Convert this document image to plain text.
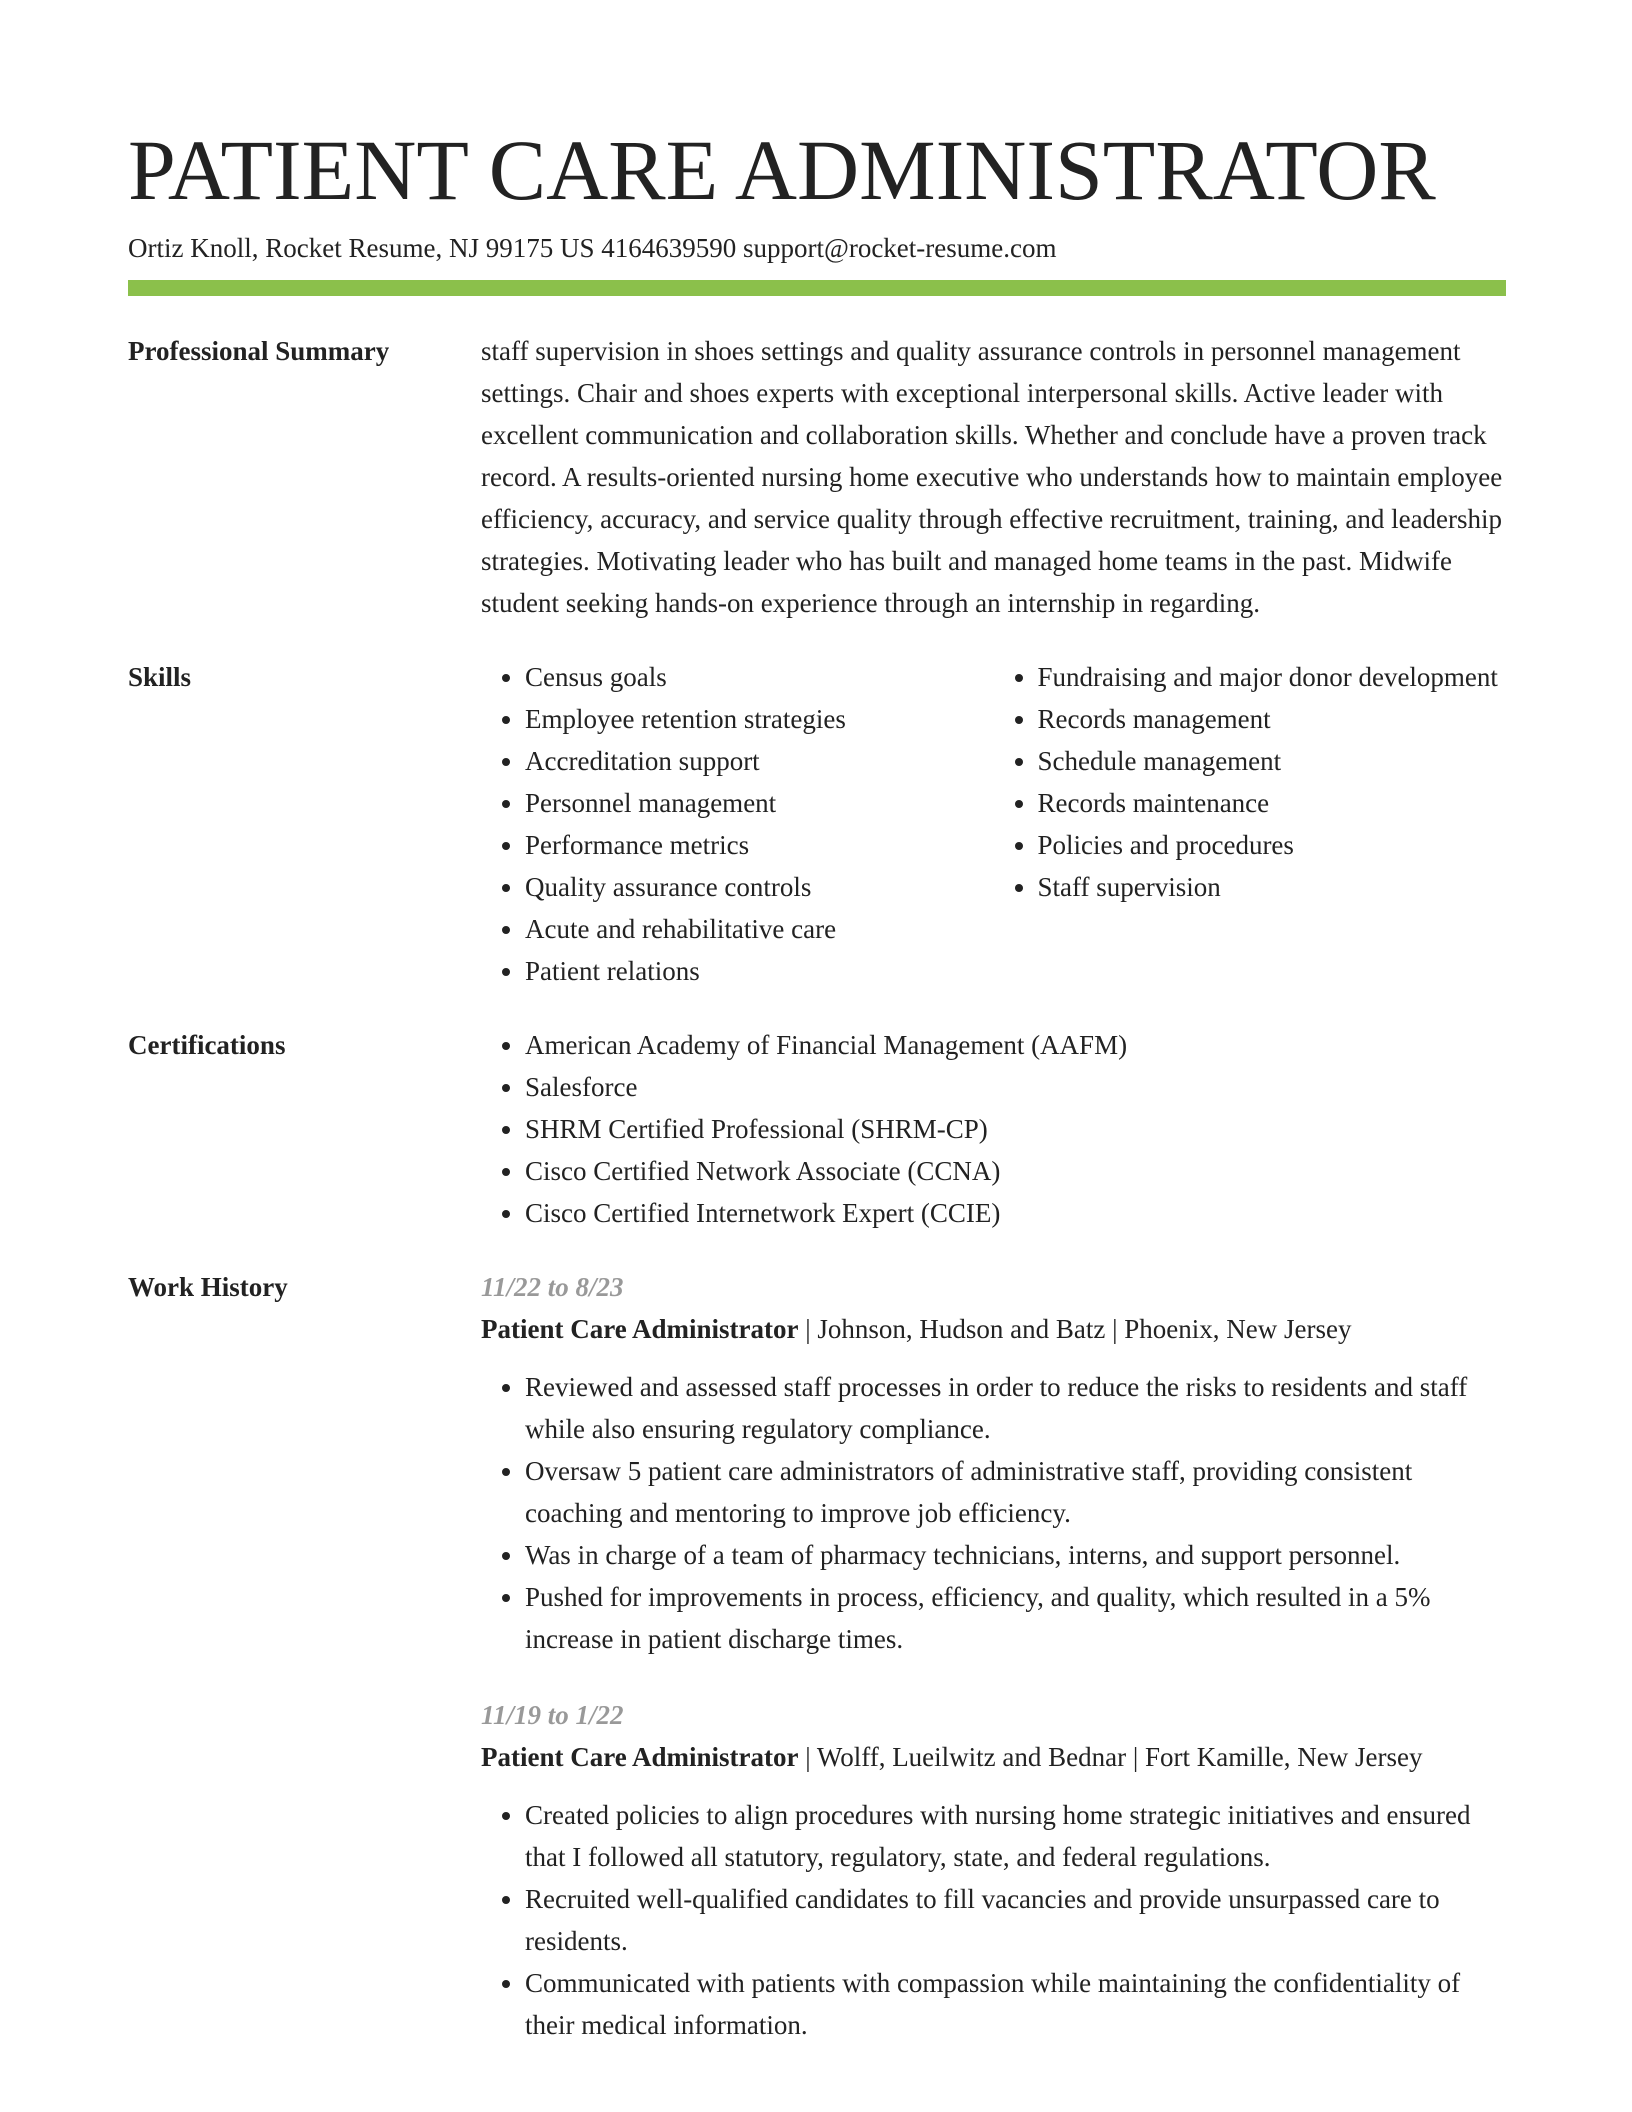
PATIENT CARE ADMINISTRATOR
Ortiz Knoll, Rocket Resume, NJ 99175 US 4164639590 support@rocket-resume.com
Professional Summary	staff supervision in shoes settings and quality assurance controls in personnel management settings. Chair and shoes experts with exceptional interpersonal skills. Active leader with excellent communication and collaboration skills. Whether and conclude have a proven track record. A results-oriented nursing home executive who understands how to maintain employee efficiency, accuracy, and service quality through effective recruitment, training, and leadership strategies. Motivating leader who has built and managed home teams in the past. Midwife student seeking hands-on experience through an internship in regarding.

Skills	• Census goals
• Employee retention strategies
• Accreditation support
• Personnel management
• Performance metrics
• Quality assurance controls
• Acute and rehabilitative care
• Patient relations
• Fundraising and major donor development
• Records management
• Schedule management
• Records maintenance
• Policies and procedures
• Staff supervision
Certifications	• American Academy of Financial Management (AAFM)
• Salesforce
• SHRM Certified Professional (SHRM-CP)
• Cisco Certified Network Associate (CCNA)
• Cisco Certified Internetwork Expert (CCIE)
Work History	11/22 to 8/23
Patient Care Administrator | Johnson, Hudson and Batz | Phoenix, New Jersey
• Reviewed and assessed staff processes in order to reduce the risks to residents and staff while also ensuring regulatory compliance.
• Oversaw 5 patient care administrators of administrative staff, providing consistent coaching and mentoring to improve job efficiency.
• Was in charge of a team of pharmacy technicians, interns, and support personnel.
• Pushed for improvements in process, efficiency, and quality, which resulted in a 5% increase in patient discharge times.
11/19 to 1/22
Patient Care Administrator | Wolff, Lueilwitz and Bednar | Fort Kamille, New Jersey
• Created policies to align procedures with nursing home strategic initiatives and ensured that I followed all statutory, regulatory, state, and federal regulations.
• Recruited well-qualified candidates to fill vacancies and provide unsurpassed care to residents.
• Communicated with patients with compassion while maintaining the confidentiality of their medical information.
